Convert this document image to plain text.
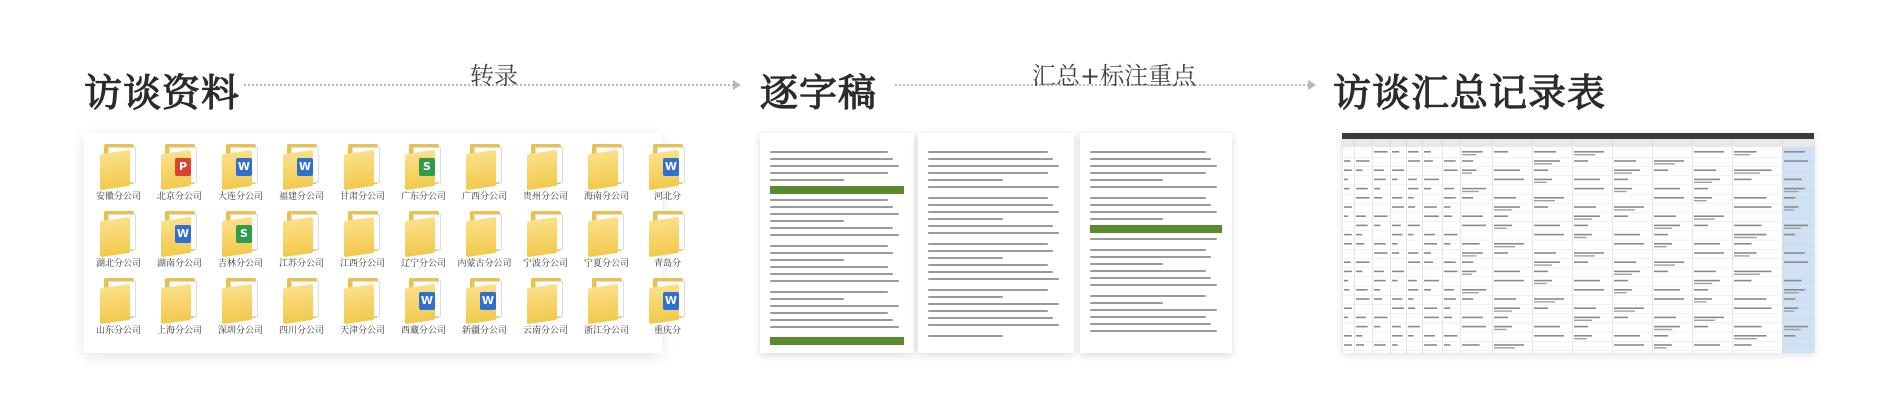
访谈资料	逐字稿	访谈汇总记录表
转录	汇总+标注重点
安徽分公司
P
北京分公司
W
大连分公司
W
福建分公司	甘肃分公司
S
广东分公司	广西分公司	贵州分公司	海南分公司
W
河北分
湖北分公司
W
湖南分公司
S
吉林分公司	江苏分公司	江西分公司	辽宁分公司	内蒙古分公司	宁波分公司	宁夏分公司	青岛分
山东分公司	上海分公司	深圳分公司	四川分公司	天津分公司
W
西藏分公司
W
新疆分公司	云南分公司	浙江分公司
W
重庆分
